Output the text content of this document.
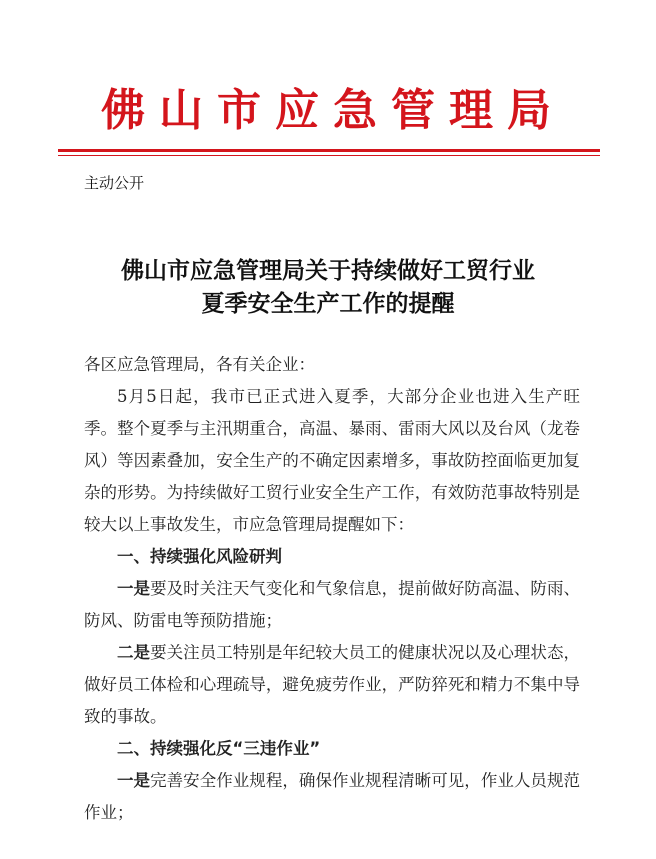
佛山市应急管理局
主动公开
佛山市应急管理局关于持续做好工贸行业
夏季安全生产工作的提醒

各区应急管理局，各有关企业：

5月5日起，我市已正式进入夏季，大部分企业也进入生产旺季。整个夏季与主汛期重合，高温、暴雨、雷雨大风以及台风（龙卷风）等因素叠加，安全生产的不确定因素增多，事故防控面临更加复杂的形势。为持续做好工贸行业安全生产工作，有效防范事故特别是较大以上事故发生，市应急管理局提醒如下：

一、持续强化风险研判

一是要及时关注天气变化和气象信息，提前做好防高温、防雨、防风、防雷电等预防措施；

二是要关注员工特别是年纪较大员工的健康状况以及心理状态，做好员工体检和心理疏导，避免疲劳作业，严防猝死和精力不集中导致的事故。

二、持续强化反“三违作业”

一是完善安全作业规程，确保作业规程清晰可见，作业人员规范作业；
